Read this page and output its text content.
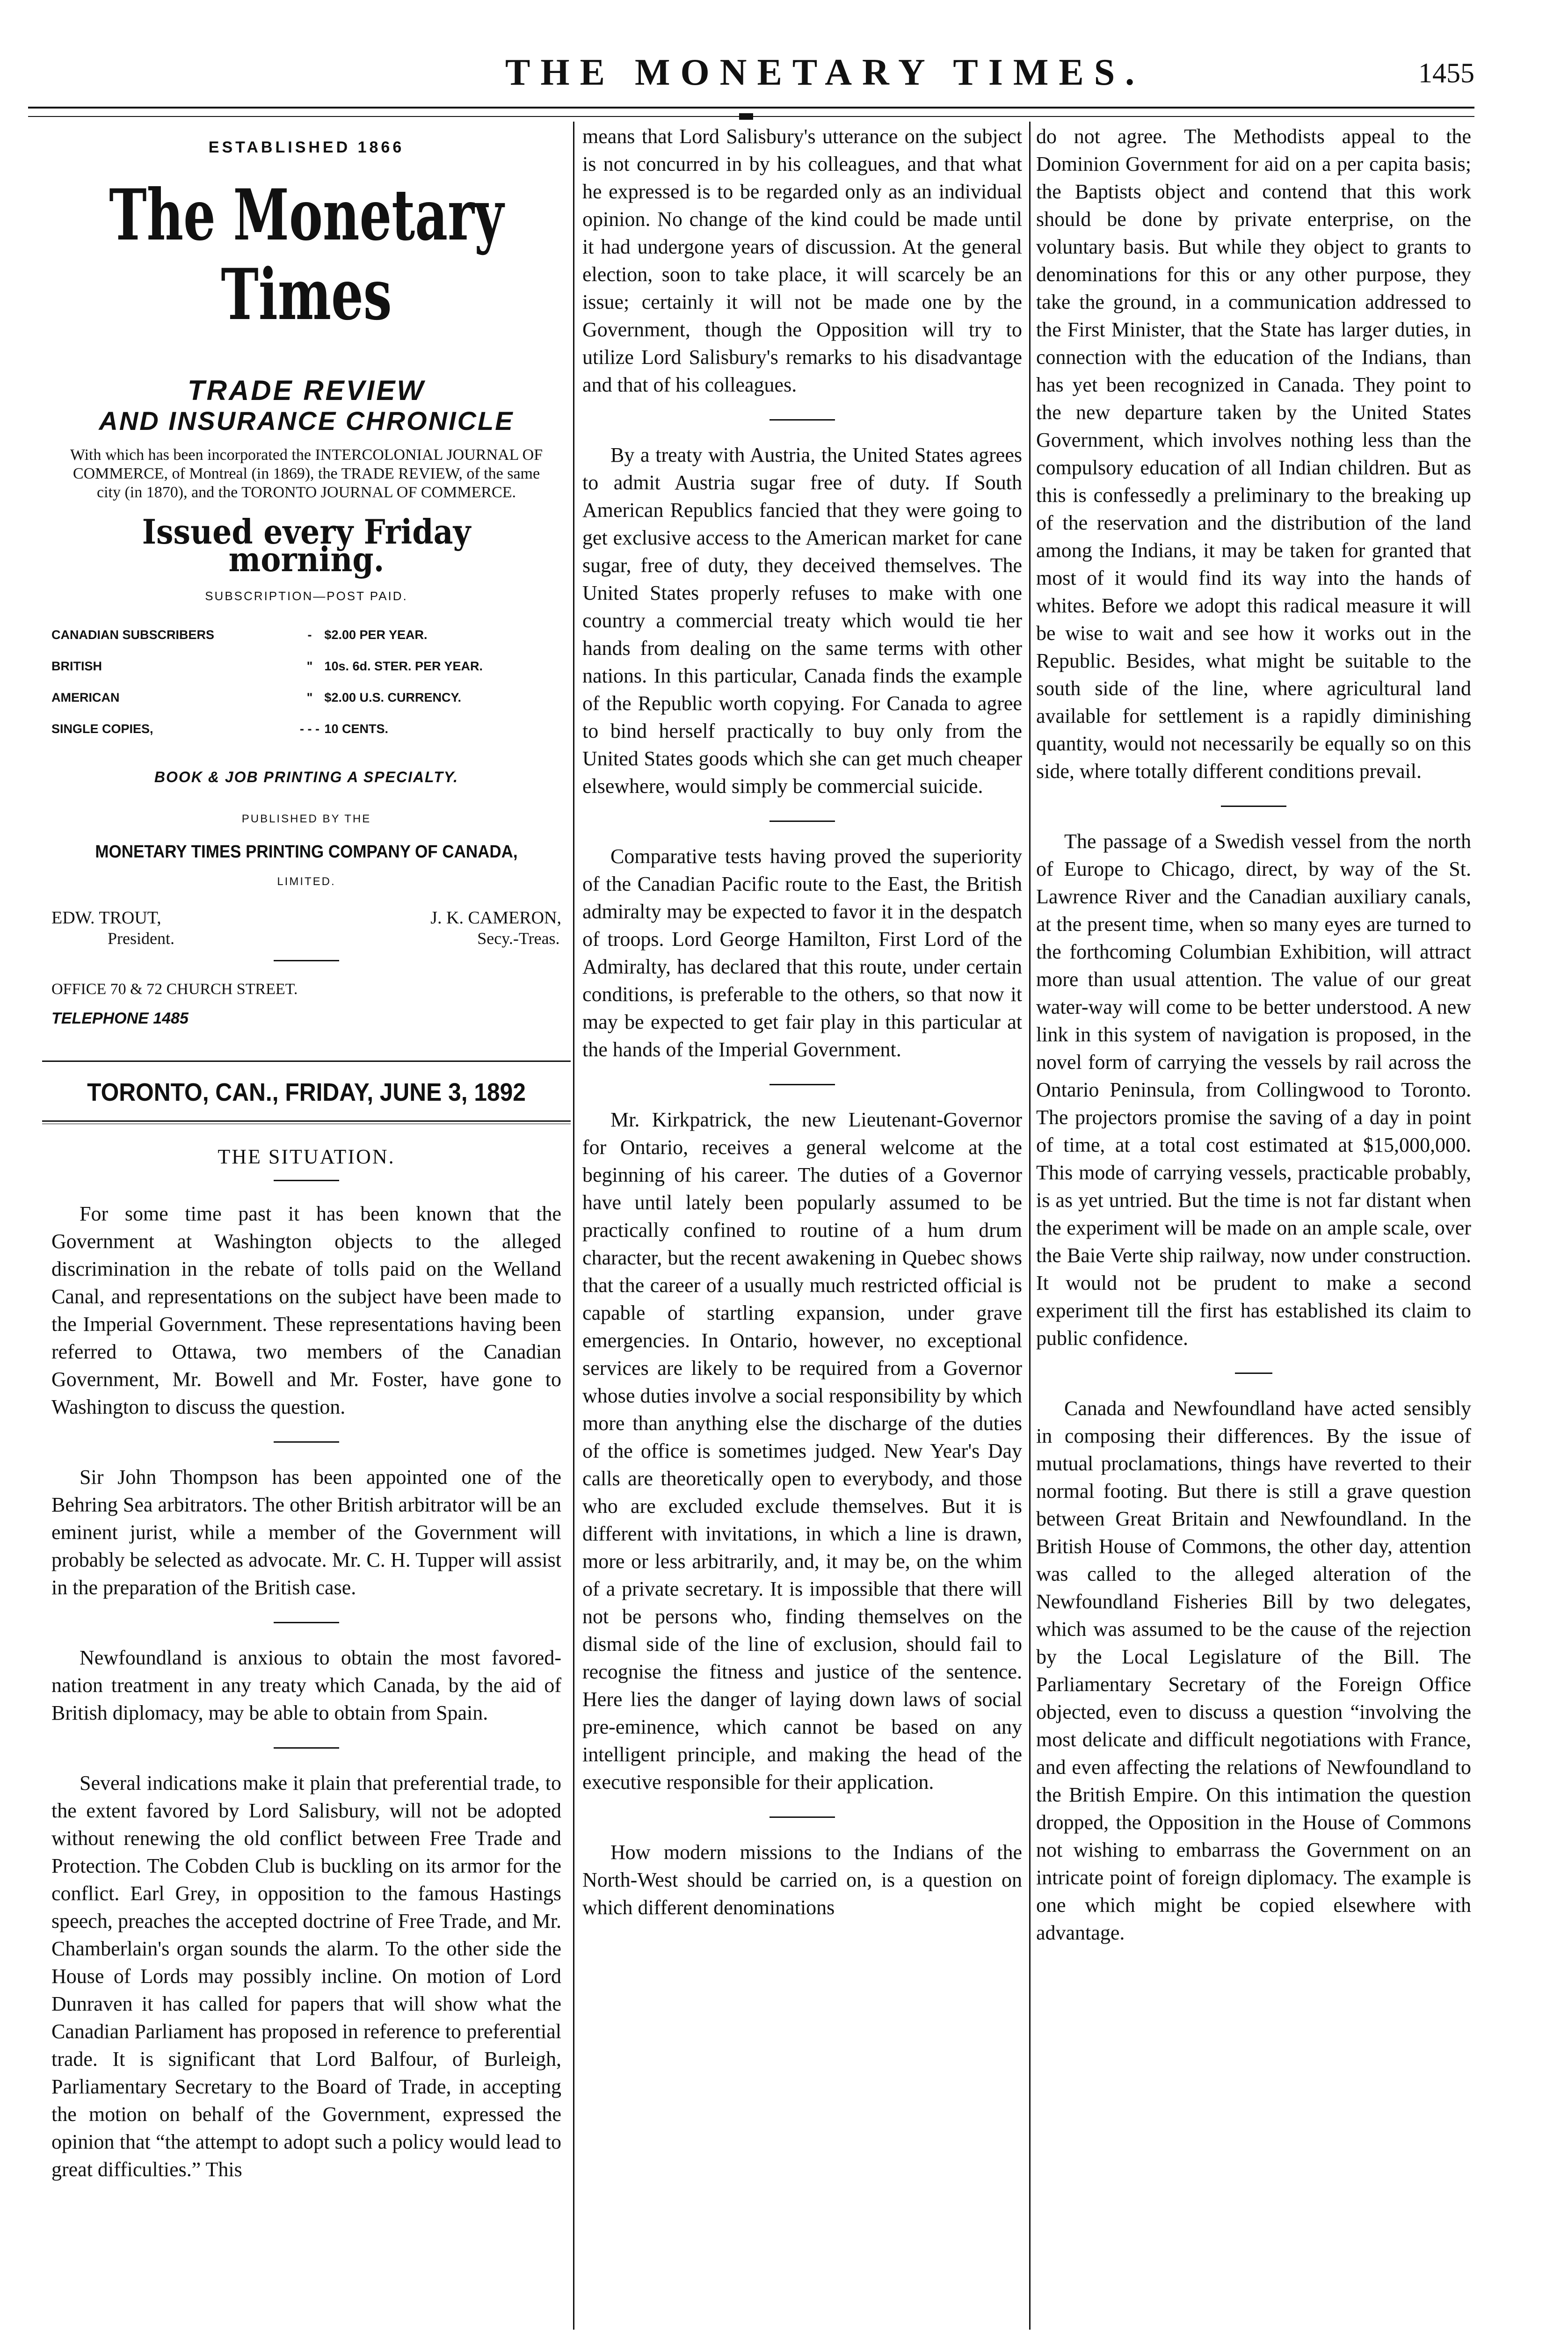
THE MONETARY TIMES.	1455
ESTABLISHED 1866
The Monetary Times
TRADE REVIEW
AND INSURANCE CHRONICLE
With which has been incorporated the INTERCOLONIAL JOURNAL OF COMMERCE, of Montreal (in 1869), the TRADE REVIEW, of the same city (in 1870), and the TORONTO JOURNAL OF COMMERCE.
Issued every Friday morning.
SUBSCRIPTION—POST PAID.
CANADIAN SUBSCRIBERS	-	$2.00 PER YEAR.
BRITISH	"	10s. 6d. STER. PER YEAR.
AMERICAN	"	$2.00 U.S. CURRENCY.
SINGLE COPIES,	- - -	10 CENTS.
BOOK & JOB PRINTING A SPECIALTY.
PUBLISHED BY THE
MONETARY TIMES PRINTING COMPANY OF CANADA,
LIMITED.
EDW. TROUT,
President.
J. K. CAMERON,
Secy.-Treas.
OFFICE 70 & 72 CHURCH STREET.
TELEPHONE 1485
TORONTO, CAN., FRIDAY, JUNE 3, 1892
THE SITUATION.

For some time past it has been known that the Government at Washington objects to the alleged discrimination in the rebate of tolls paid on the Welland Canal, and representations on the subject have been made to the Imperial Government. These representations having been referred to Ottawa, two members of the Canadian Government, Mr. Bowell and Mr. Foster, have gone to Washington to discuss the question.

Sir John Thompson has been appointed one of the Behring Sea arbitrators. The other British arbitrator will be an eminent jurist, while a member of the Government will probably be selected as advocate. Mr. C. H. Tupper will assist in the preparation of the British case.

Newfoundland is anxious to obtain the most favored-nation treatment in any treaty which Canada, by the aid of British diplomacy, may be able to obtain from Spain.

Several indications make it plain that preferential trade, to the extent favored by Lord Salisbury, will not be adopted without renewing the old conflict between Free Trade and Protection. The Cobden Club is buckling on its armor for the conflict. Earl Grey, in opposition to the famous Hastings speech, preaches the accepted doctrine of Free Trade, and Mr. Chamberlain's organ sounds the alarm. To the other side the House of Lords may possibly incline. On motion of Lord Dunraven it has called for papers that will show what the Canadian Parliament has proposed in reference to preferential trade. It is significant that Lord Balfour, of Burleigh, Parliamentary Secretary to the Board of Trade, in accepting the motion on behalf of the Government, expressed the opinion that “the attempt to adopt such a policy would lead to great difficulties.” This

means that Lord Salisbury's utterance on the subject is not concurred in by his colleagues, and that what he expressed is to be regarded only as an individual opinion. No change of the kind could be made until it had undergone years of discussion. At the general election, soon to take place, it will scarcely be an issue; certainly it will not be made one by the Government, though the Opposition will try to utilize Lord Salisbury's remarks to his disadvantage and that of his colleagues.

By a treaty with Austria, the United States agrees to admit Austria sugar free of duty. If South American Republics fancied that they were going to get exclusive access to the American market for cane sugar, free of duty, they deceived themselves. The United States properly refuses to make with one country a commercial treaty which would tie her hands from dealing on the same terms with other nations. In this particular, Canada finds the example of the Republic worth copying. For Canada to agree to bind herself practically to buy only from the United States goods which she can get much cheaper elsewhere, would simply be commercial suicide.

Comparative tests having proved the superiority of the Canadian Pacific route to the East, the British admiralty may be expected to favor it in the despatch of troops. Lord George Hamilton, First Lord of the Admiralty, has declared that this route, under certain conditions, is preferable to the others, so that now it may be expected to get fair play in this particular at the hands of the Imperial Government.

Mr. Kirkpatrick, the new Lieutenant-Governor for Ontario, receives a general welcome at the beginning of his career. The duties of a Governor have until lately been popularly assumed to be practically confined to routine of a hum drum character, but the recent awakening in Quebec shows that the career of a usually much restricted official is capable of startling expansion, under grave emergencies. In Ontario, however, no exceptional services are likely to be required from a Governor whose duties involve a social responsibility by which more than anything else the discharge of the duties of the office is sometimes judged. New Year's Day calls are theoretically open to everybody, and those who are excluded exclude themselves. But it is different with invitations, in which a line is drawn, more or less arbitrarily, and, it may be, on the whim of a private secretary. It is impossible that there will not be persons who, finding themselves on the dismal side of the line of exclusion, should fail to recognise the fitness and justice of the sentence. Here lies the danger of laying down laws of social pre-eminence, which cannot be based on any intelligent principle, and making the head of the executive responsible for their application.

How modern missions to the Indians of the North-West should be carried on, is a question on which different denominations

do not agree. The Methodists appeal to the Dominion Government for aid on a per capita basis; the Baptists object and contend that this work should be done by private enterprise, on the voluntary basis. But while they object to grants to denominations for this or any other purpose, they take the ground, in a communication addressed to the First Minister, that the State has larger duties, in connection with the education of the Indians, than has yet been recognized in Canada. They point to the new departure taken by the United States Government, which involves nothing less than the compulsory education of all Indian children. But as this is confessedly a preliminary to the breaking up of the reservation and the distribution of the land among the Indians, it may be taken for granted that most of it would find its way into the hands of whites. Before we adopt this radical measure it will be wise to wait and see how it works out in the Republic. Besides, what might be suitable to the south side of the line, where agricultural land available for settlement is a rapidly diminishing quantity, would not necessarily be equally so on this side, where totally different conditions prevail.

The passage of a Swedish vessel from the north of Europe to Chicago, direct, by way of the St. Lawrence River and the Canadian auxiliary canals, at the present time, when so many eyes are turned to the forthcoming Columbian Exhibition, will attract more than usual attention. The value of our great water-way will come to be better understood. A new link in this system of navigation is proposed, in the novel form of carrying the vessels by rail across the Ontario Peninsula, from Collingwood to Toronto. The projectors promise the saving of a day in point of time, at a total cost estimated at $15,000,000. This mode of carrying vessels, practicable probably, is as yet untried. But the time is not far distant when the experiment will be made on an ample scale, over the Baie Verte ship railway, now under construction. It would not be prudent to make a second experiment till the first has established its claim to public confidence.

Canada and Newfoundland have acted sensibly in composing their differences. By the issue of mutual proclamations, things have reverted to their normal footing. But there is still a grave question between Great Britain and Newfoundland. In the British House of Commons, the other day, attention was called to the alleged alteration of the Newfoundland Fisheries Bill by two delegates, which was assumed to be the cause of the rejection by the Local Legislature of the Bill. The Parliamentary Secretary of the Foreign Office objected, even to discuss a question “involving the most delicate and difficult negotiations with France, and even affecting the relations of Newfoundland to the British Empire. On this intimation the question dropped, the Opposition in the House of Commons not wishing to embarrass the Government on an intricate point of foreign diplomacy. The example is one which might be copied elsewhere with advantage.
